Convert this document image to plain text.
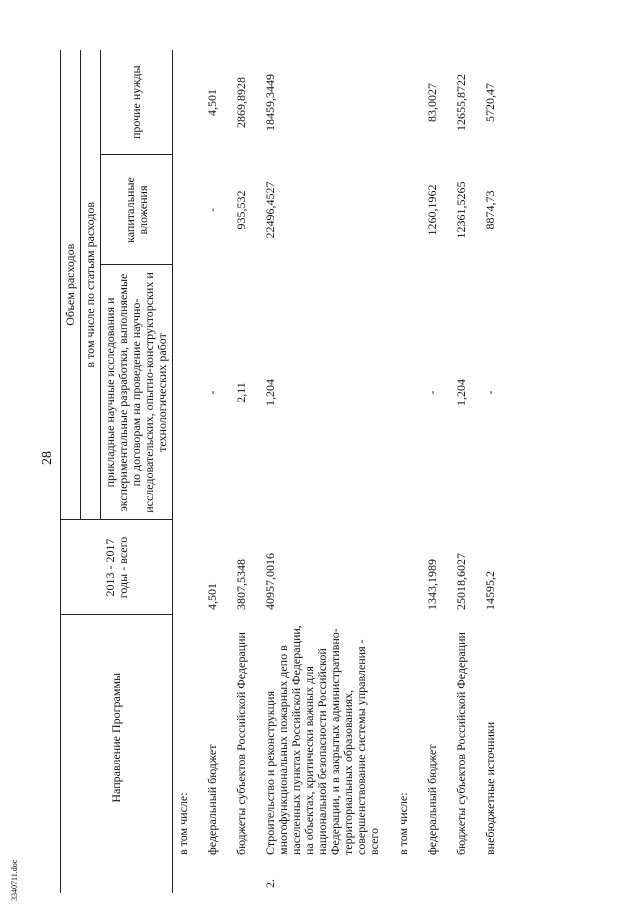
3340711.doc
28
	Направление Программы	2013 - 2017 годы - всего	Объем расходов		
			в том числе по статьям расходов		
			прикладные научные исследования и экспериментальные разработки, выполняемые по договорам на проведение научно-исследовательских, опытно-конструкторских и технологических работ	капитальные вложения	прочие нужды
	в том числе:				
	федеральный бюджет	4,501	-	-	4,501
	бюджеты субъектов Российской Федерации	3807,5348	2,11	935,532	2869,8928
2.	Строительство и реконструкция многофункциональных пожарных депо в населенных пунктах Российской Федерации, на объектах, критически важных для национальной безопасности Российской Федерации, и в закрытых административно-территориальных образованиях, совершенствование системы управления - всего	40957,0016	1,204	22496,4527	18459,3449
	в том числе:				
	федеральный бюджет	1343,1989	-	1260,1962	83,0027
	бюджеты субъектов Российской Федерации	25018,6027	1,204	12361,5265	12655,8722
	внебюджетные источники	14595,2	-	8874,73	5720,47
